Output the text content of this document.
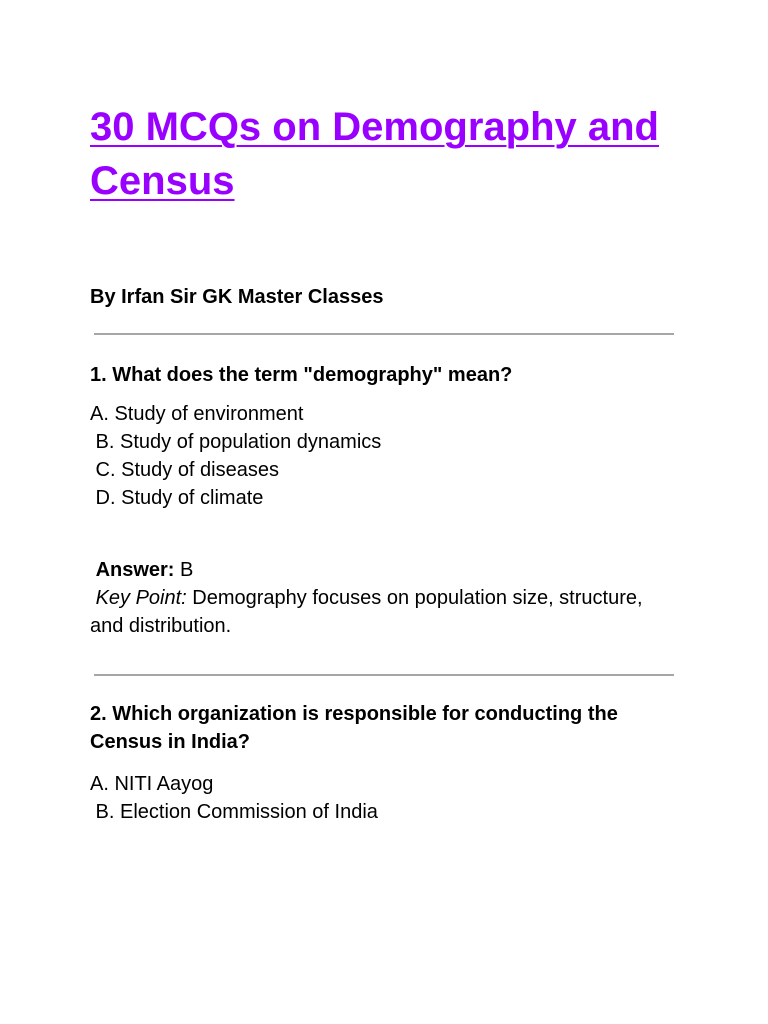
30 MCQs on Demography and Census

By Irfan Sir GK Master Classes

1. What does the term "demography" mean?

A. Study of environment
B. Study of population dynamics
C. Study of diseases
D. Study of climate

Answer: B
Key Point: Demography focuses on population size, structure, and distribution.

2. Which organization is responsible for conducting the Census in India?

A. NITI Aayog
B. Election Commission of India
